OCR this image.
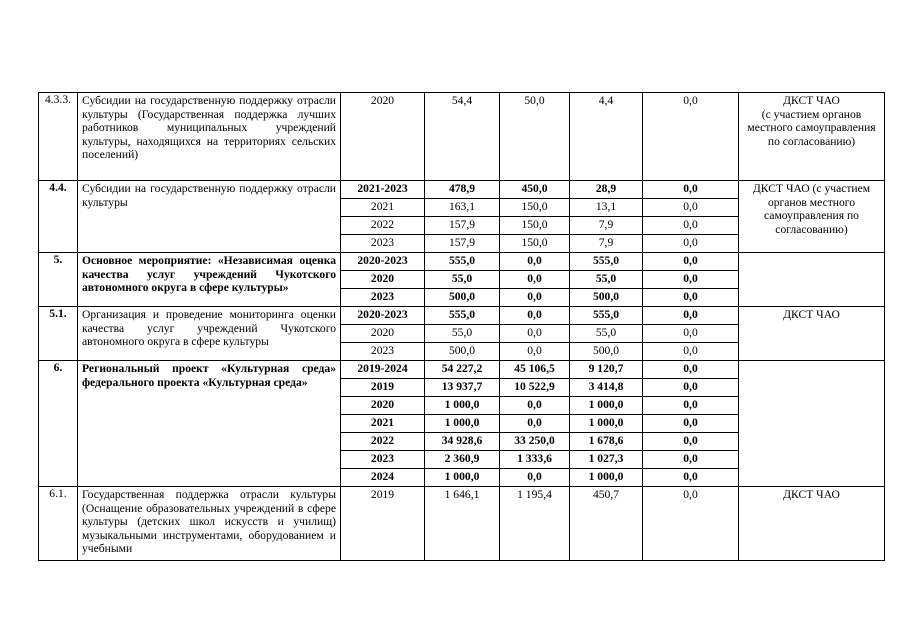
4.3.3.	Субсидии на государственную поддержку отрасли культуры (Государственная поддержка лучших работников муниципальных учреждений культуры, находящихся на территориях сельских поселений)	2020	54,4	50,0	4,4	0,0	ДКСТ ЧАО
(с участием органов местного самоуправления по согласованию)
4.4.	Субсидии на государственную поддержку отрасли культуры	2021-2023	478,9	450,0	28,9	0,0	ДКСТ ЧАО (с участием органов местного самоуправления по согласованию)
		2021	163,1	150,0	13,1	0,0	
		2022	157,9	150,0	7,9	0,0	
		2023	157,9	150,0	7,9	0,0	
5.	Основное мероприятие: «Независимая оценка качества услуг учреждений Чукотского автономного округа в сфере культуры»	2020-2023	555,0	0,0	555,0	0,0	
		2020	55,0	0,0	55,0	0,0	
		2023	500,0	0,0	500,0	0,0	
5.1.	Организация и проведение мониторинга оценки качества услуг учреждений Чукотского автономного округа в сфере культуры	2020-2023	555,0	0,0	555,0	0,0	ДКСТ ЧАО
		2020	55,0	0,0	55,0	0,0	
		2023	500,0	0,0	500,0	0,0	
6.	Региональный проект «Культурная среда» федерального проекта «Культурная среда»	2019-2024	54 227,2	45 106,5	9 120,7	0,0	
		2019	13 937,7	10 522,9	3 414,8	0,0	
		2020	1 000,0	0,0	1 000,0	0,0	
		2021	1 000,0	0,0	1 000,0	0,0	
		2022	34 928,6	33 250,0	1 678,6	0,0	
		2023	2 360,9	1 333,6	1 027,3	0,0	
		2024	1 000,0	0,0	1 000,0	0,0	
6.1.	Государственная поддержка отрасли культуры (Оснащение образовательных учреждений в сфере культуры (детских школ искусств и училищ) музыкальными инструментами, оборудованием и учебными	2019	1 646,1	1 195,4	450,7	0,0	ДКСТ ЧАО
